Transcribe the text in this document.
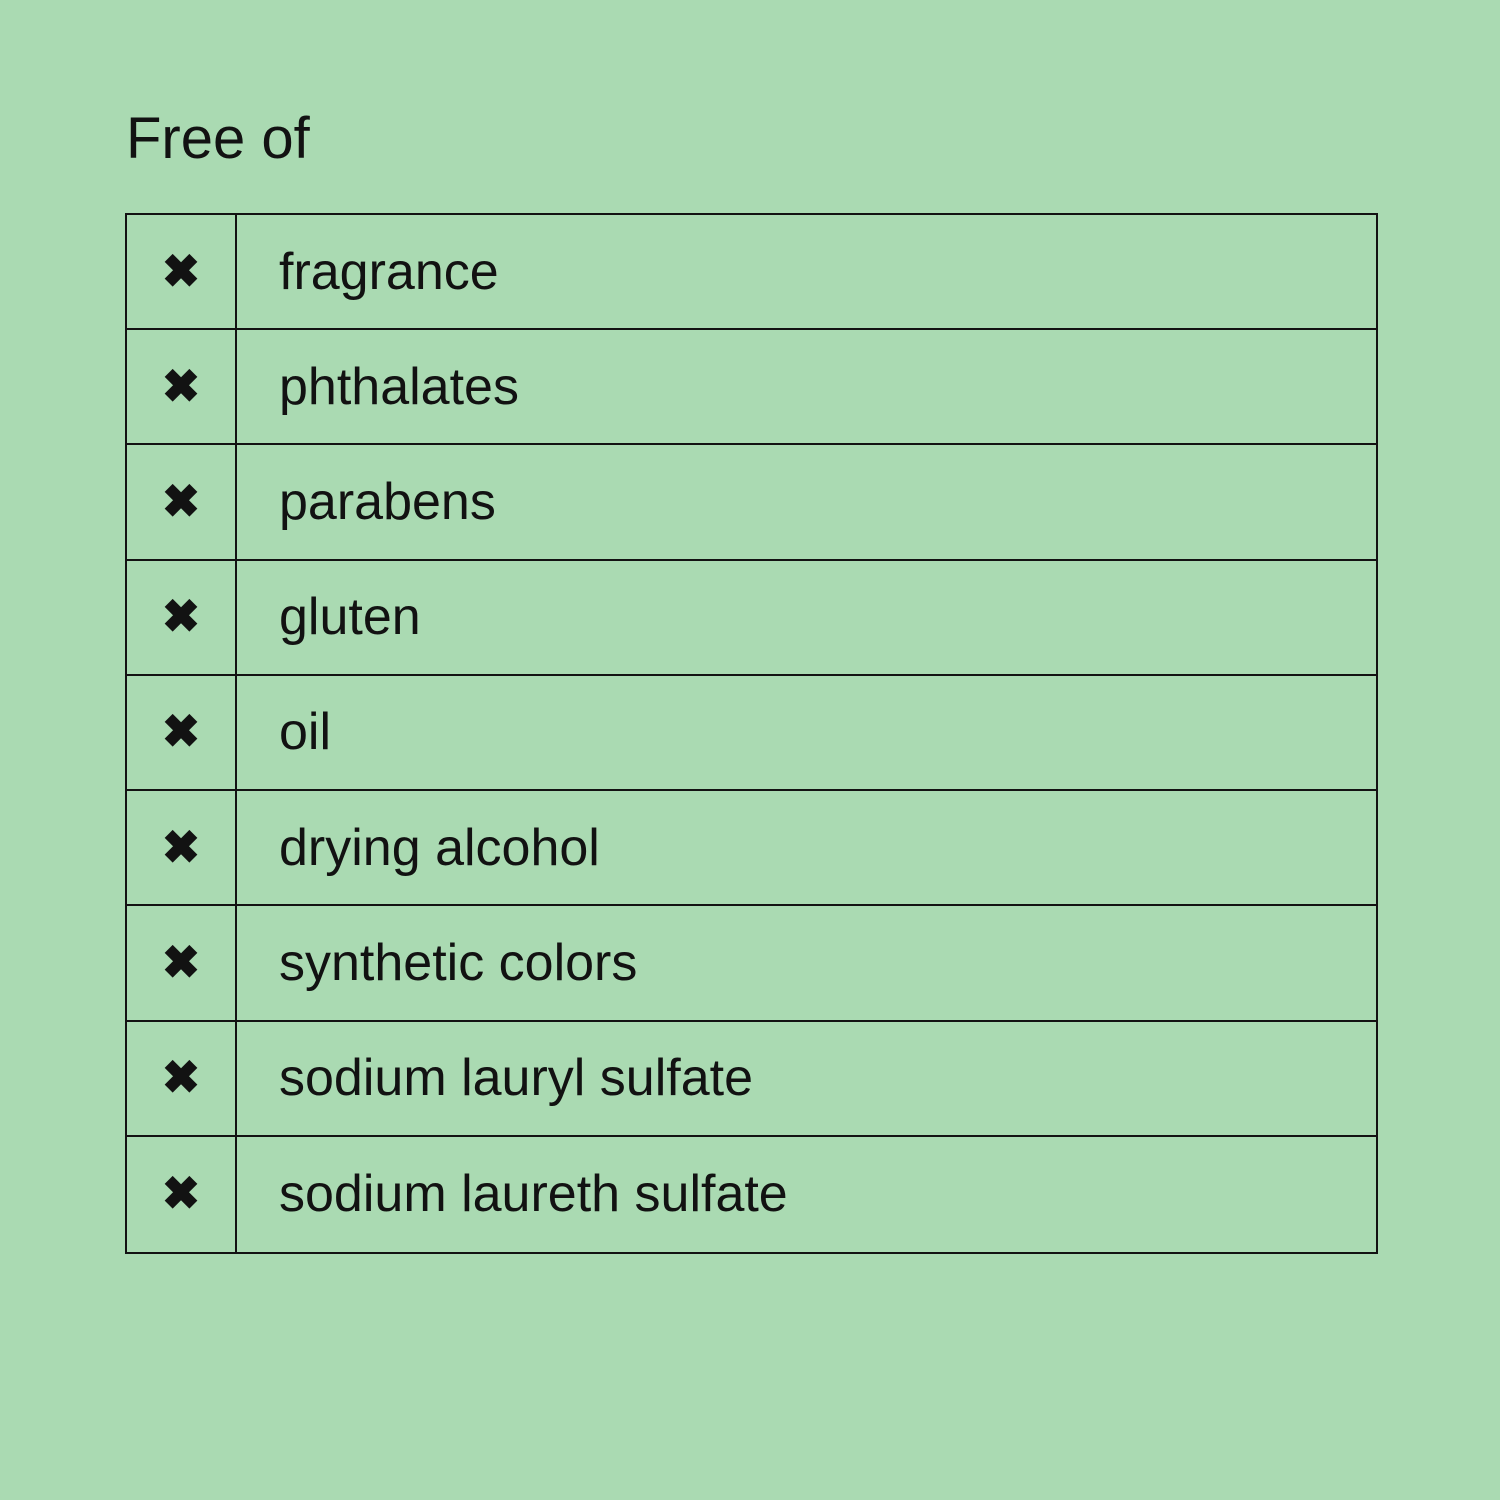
Free of
✖	fragrance
✖	phthalates
✖	parabens
✖	gluten
✖	oil
✖	drying alcohol
✖	synthetic colors
✖	sodium lauryl sulfate
✖	sodium laureth sulfate
